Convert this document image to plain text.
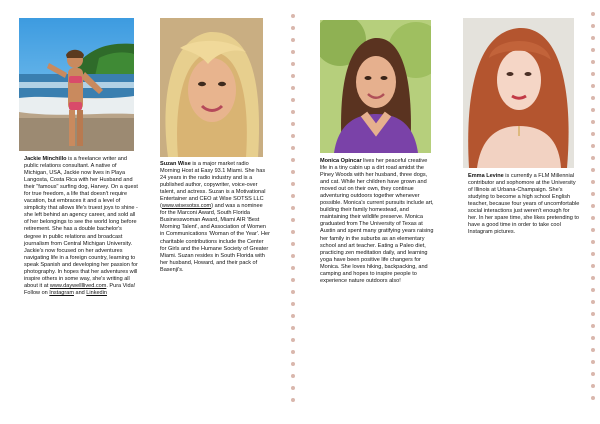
Jackie Minchillo is a freelance writer and public relations consultant. A native of Michigan, USA, Jackie now lives in Playa Langosta, Costa Rica with her Husband and their "famous" surfing dog, Harvey. On a quest for true freedom, a life that doesn't require vacation, but embraces it and a level of simplicity that allows life's truest joys to shine - she left behind an agency career, and sold all of her belongings to see the world long before retirement. She has a double bachelor's degree in public relations and broadcast journalism from Central Michigan University. Jackie's now focused on her adventures navigating life in a foreign country, learning to speak Spanish and developing her passion for photography. In hopes that her adventures will inspire others in some way, she's writing all about it at www.daywellllived.com. Pura Vida! Follow on Instagram and Linkedin
Suzan Wise is a major market radio Morning Host at Easy 93.1 Miami. She has 24 years in the radio industry and is a published author, copywriter, voice-over talent, and actress. Suzan is a Motivational Entertainer and CEO at Wise SOTSS LLC (www.wisesotss.com) and was a nominee for the Marconi Award, South Florida Businesswoman Award, Miami AIR 'Best Morning Talent', and Association of Women in Communications 'Woman of the Year'. Her charitable contributions include the Center for Girls and the Humane Society of Greater Miami. Suzan resides in South Florida with her husband, Howard, and their pack of Basenji's.
Monica Opincar lives her peaceful creative life in a tiny cabin up a dirt road amidst the Piney Woods with her husband, three dogs, and cat. While her children have grown and moved out on their own, they continue adventuring outdoors together whenever possible. Monica's current pursuits include art, building their family homestead, and maintaining their wildlife preserve. Monica graduated from The University of Texas at Austin and spent many gratifying years raising her family in the suburbs as an elementary school and art teacher. Eating a Paleo diet, practicing zen meditation daily, and learning yoga have been positive life changers for Monica. She loves hiking, backpacking, and camping and hopes to inspire people to experience nature outdoors also!
Emma Levine is currently a FLM Millennial contributor and sophomore at the University of Illinois at Urbana-Champaign. She's studying to become a high school English teacher, because four years of uncomfortable social interactions just weren't enough for her. In her spare time, she likes pretending to have a good time in order to take cool Instagram pictures.
